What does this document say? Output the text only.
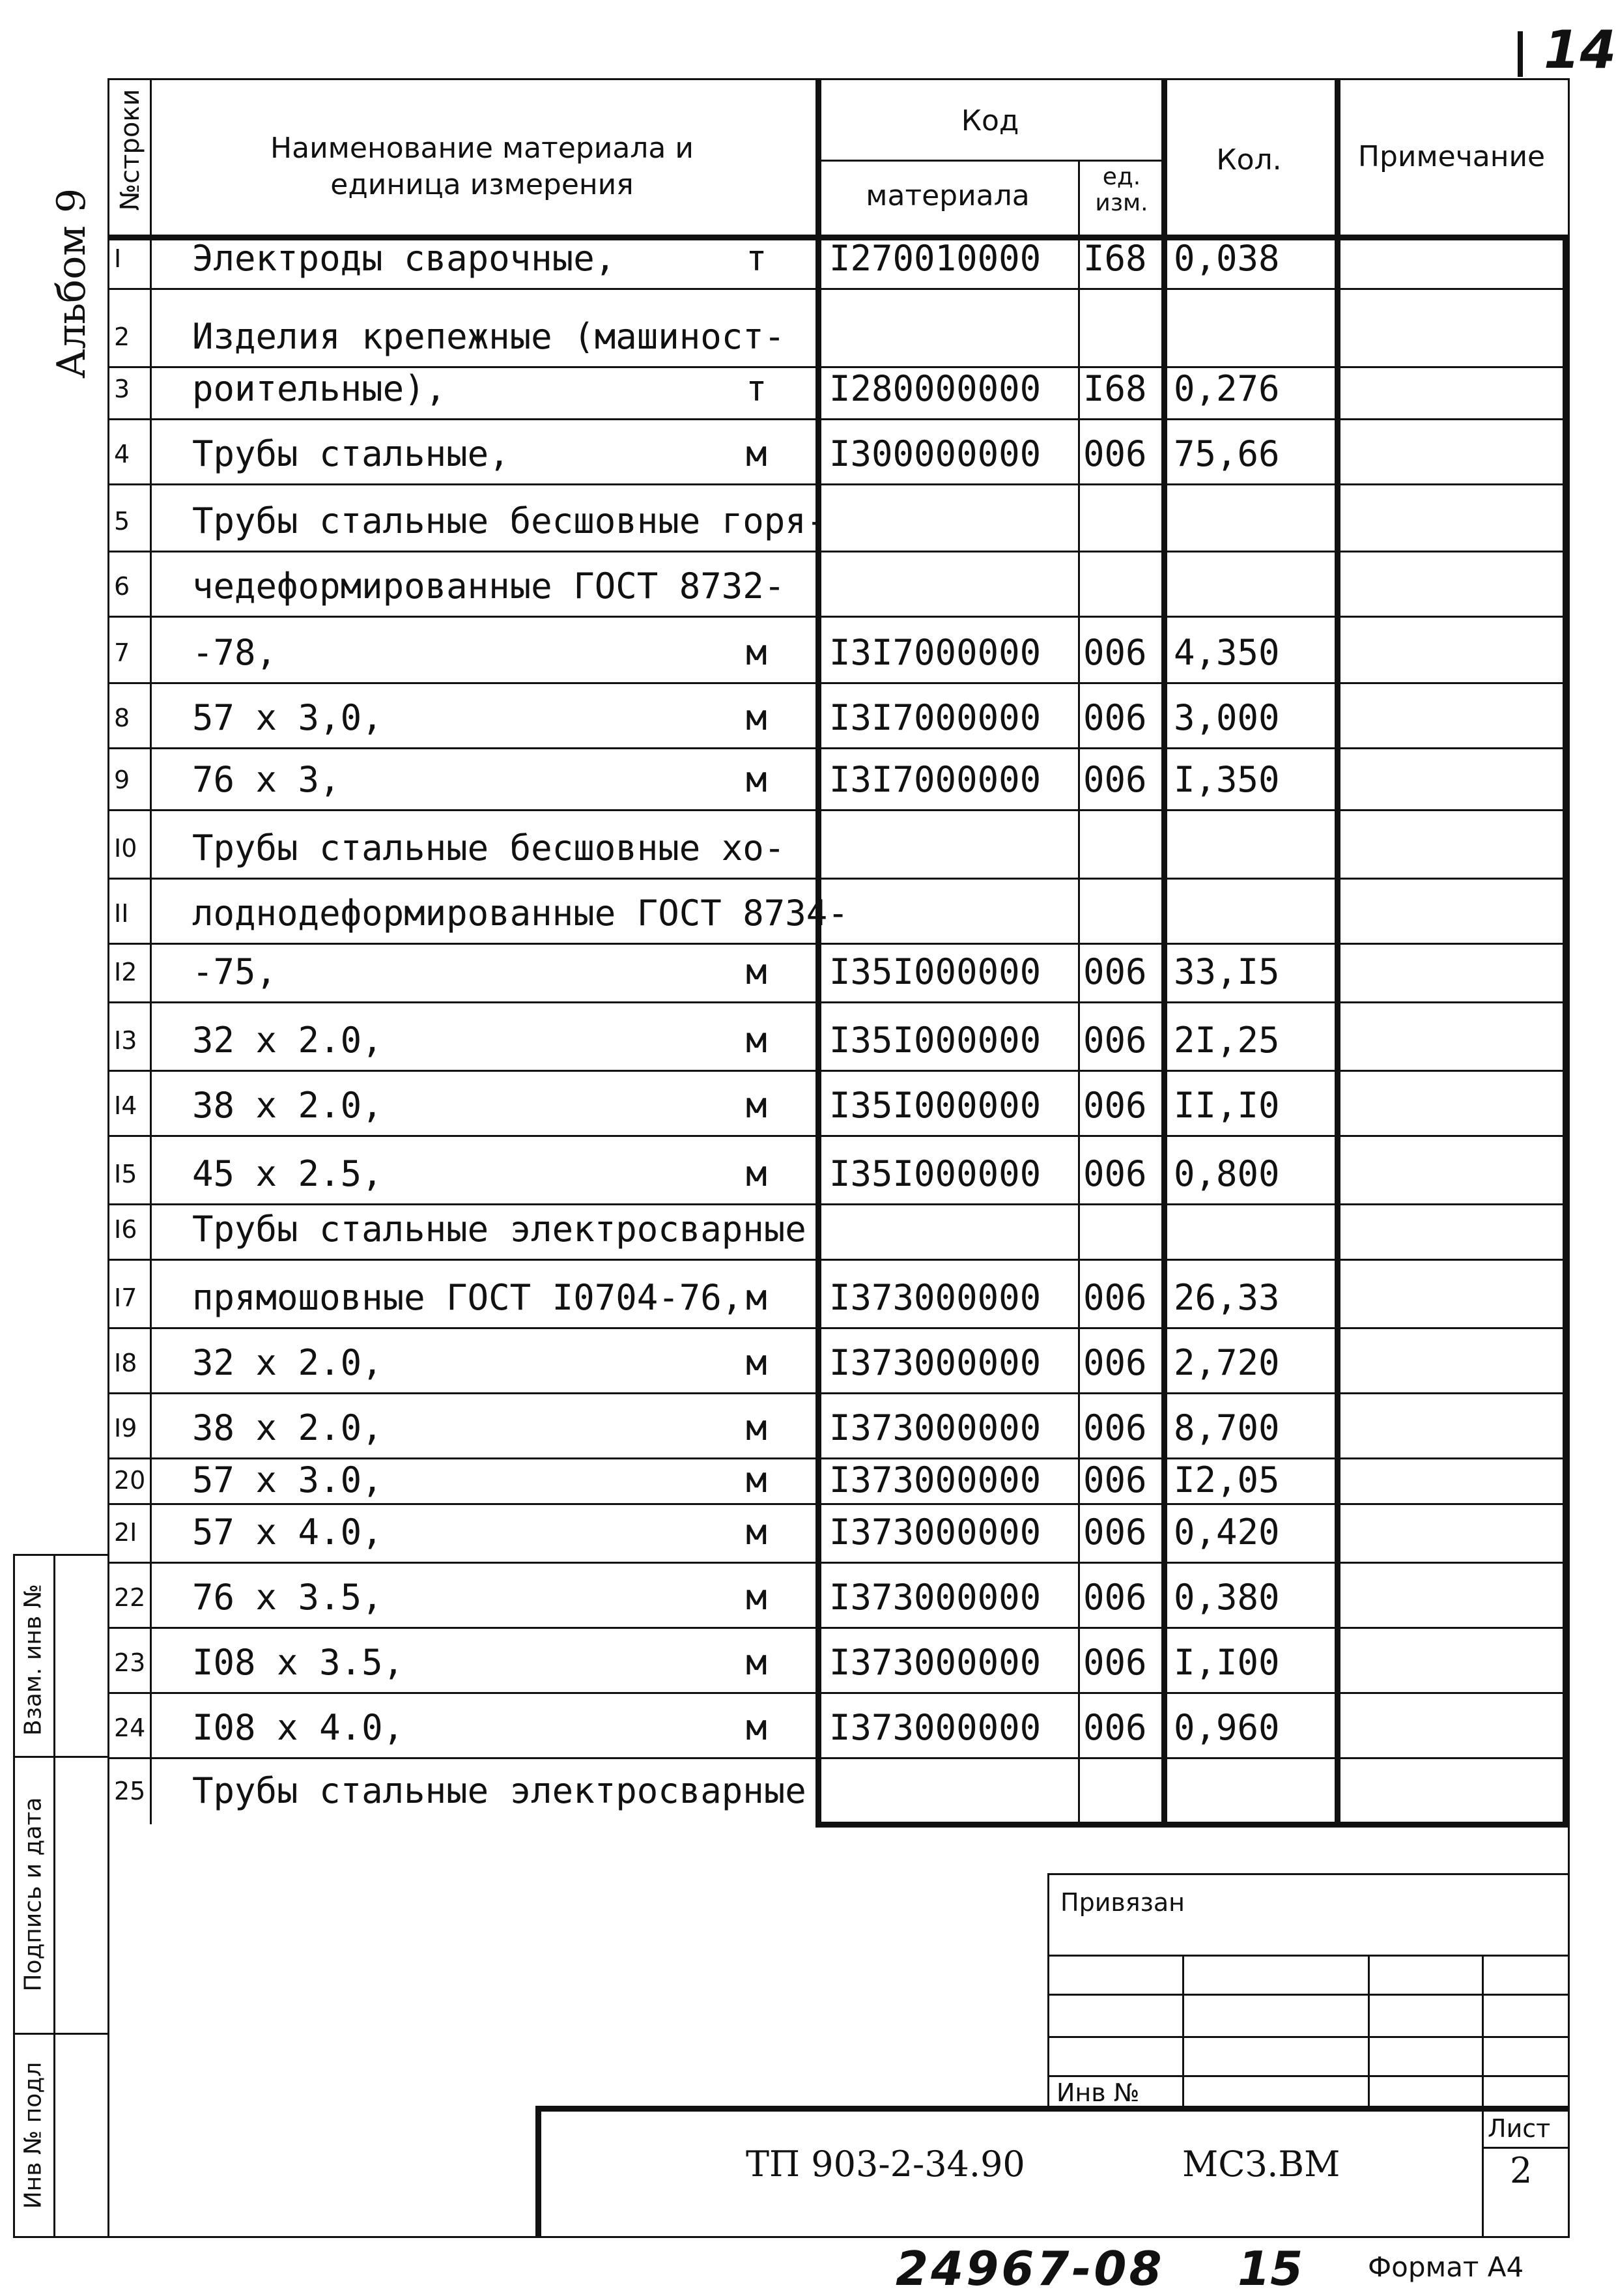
14
Альбом 9
№строки	Наименование материала и единица измерения
Код
материала
ед. изм.
Кол.	Примечание
I Электроды сварочные,	т I270010000 I68 0,038
2 Изделия крепежные (машиност-
3 роительные),	т I280000000 I68 0,276
4 Трубы стальные,	м I300000000 006 75,66
5 Трубы стальные бесшовные горя-
6 чедеформированные ГОСТ 8732-
7 -78,	м I3I7000000 006 4,350
8 57 х 3,0,	м I3I7000000 006 3,000
9 76 х 3,	м I3I7000000 006 I,350
I0 Трубы стальные бесшовные хо-
II лоднодеформированные ГОСТ 8734-
I2 -75,	м I35I000000 006 33,I5
I3 32 х 2.0,	м I35I000000 006 2I,25
I4 38 х 2.0,	м I35I000000 006 II,I0
I5 45 х 2.5,	м I35I000000 006 0,800
I6 Трубы стальные электросварные
I7 прямошовные ГОСТ I0704-76, м I373000000 006 26,33
I8 32 х 2.0,	м I373000000 006 2,720
I9 38 х 2.0,	м I373000000 006 8,700
20 57 х 3.0,	м I373000000 006 I2,05
2I 57 х 4.0,	м I373000000 006 0,420
22 76 х 3.5,	м I373000000 006 0,380
23 I08 х 3.5,	м I373000000 006 I,I00
24 I08 х 4.0,	м I373000000 006 0,960
25 Трубы стальные электросварные
Взам. инв №
Подпись и дата
Инв № подл
Привязан
Инв №
ТП 903-2-34.90	МСЗ.ВМ
Лист
2
24967-08 15 Формат А4
